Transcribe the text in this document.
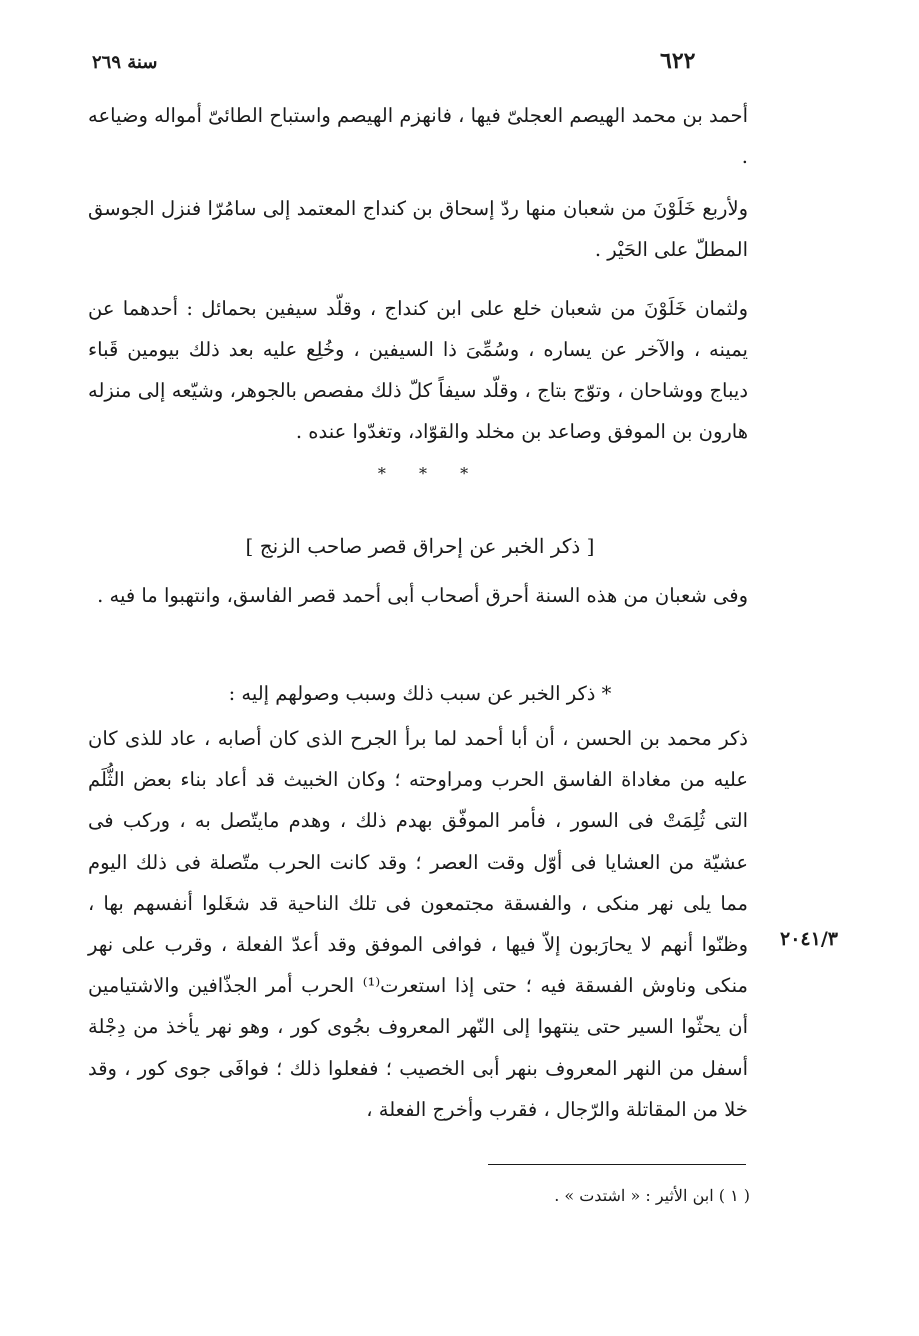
٦٢٢
سنة ٢٦٩

أحمد بن محمد الهيصم العجلىّ فيها ، فانهزم الهيصم واستباح الطائىّ أمواله وضياعه .

ولأربع خَلَوْنَ من شعبان منها ردّ إسحاق بن كنداج المعتمد إلى سامُرّا فنزل الجوسق المطلّ على الحَيْر .

ولثمان خَلَوْنَ من شعبان خلع على ابن كنداج ، وقلّد سيفين بحمائل : أحدهما عن يمينه ، والآخر عن يساره ، وسُمِّىَ ذا السيفين ، وخُلِع عليه بعد ذلك بيومين قَباء ديباج ووشاحان ، وتوّج بتاج ، وقلّد سيفاً كلّ ذلك مفصص بالجوهر، وشيّعه إلى منزله هارون بن الموفق وصاعد بن مخلد والقوّاد، وتغدّوا عنده .

* * *
[ ذكر الخبر عن إحراق قصر صاحب الزنج ]

وفى شعبان من هذه السنة أحرق أصحاب أبى أحمد قصر الفاسق، وانتهبوا ما فيه .

* ذكر الخبر عن سبب ذلك وسبب وصولهم إليه :

ذكر محمد بن الحسن ، أن أبا أحمد لما برأ الجرح الذى كان أصابه ، عاد للذى كان عليه من مغاداة الفاسق الحرب ومراوحته ؛ وكان الخبيث قد أعاد بناء بعض الثُّلَم التى ثُلِمَتْ فى السور ، فأمر الموفّق بهدم ذلك ، وهدم مايتّصل به ، وركب فى عشيّة من العشايا فى أوّل وقت العصر ؛ وقد كانت الحرب متّصلة فى ذلك اليوم مما يلى نهر منكى ، والفسقة مجتمعون فى تلك الناحية قد شغَلوا أنفسهم بها ، وظنّوا أنهم لا يحارَبون إلاّ فيها ، فوافى الموفق وقد أعدّ الفعلة ، وقرب على نهر منكى وناوش الفسقة فيه ؛ حتى إذا استعرت⁽¹⁾ الحرب أمر الجذّافين والاشتيامين أن يحثّوا السير حتى ينتهوا إلى النّهر المعروف بجُوى كور ، وهو نهر يأخذ من دِجْلة أسفل من النهر المعروف بنهر أبى الخصيب ؛ ففعلوا ذلك ؛ فوافَى جوى كور ، وقد خلا من المقاتلة والرّجال ، فقرب وأخرج الفعلة ،

٢٠٤١/٣
( ١ ) ابن الأثير : « اشتدت » .
